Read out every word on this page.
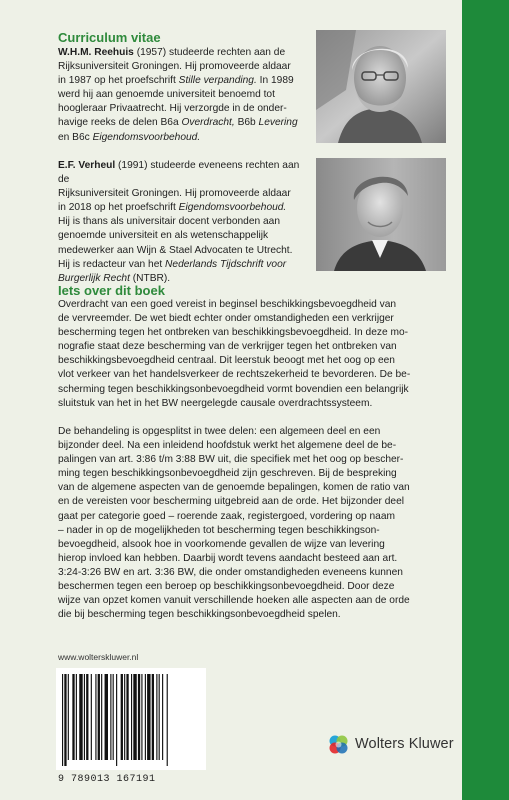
Curriculum vitae
W.H.M. Reehuis (1957) studeerde rechten aan de
Rijksuniversiteit Groningen. Hij promoveerde aldaar
in 1987 op het proefschrift Stille verpanding. In 1989
werd hij aan genoemde universiteit benoemd tot
hoogleraar Privaatrecht. Hij verzorgde in de onder-
havige reeks de delen B6a Overdracht, B6b Levering
en B6c Eigendomsvoorbehoud.
E.F. Verheul (1991) studeerde eveneens rechten aan de
Rijksuniversiteit Groningen. Hij promoveerde aldaar
in 2018 op het proefschrift Eigendomsvoorbehoud.
Hij is thans als universitair docent verbonden aan
genoemde universiteit en als wetenschappelijk
medewerker aan Wijn & Stael Advocaten te Utrecht.
Hij is redacteur van het Nederlands Tijdschrift voor
Burgerlijk Recht (NTBR).
Iets over dit boek
Overdracht van een goed vereist in beginsel beschikkingsbevoegdheid van
de vervreemder. De wet biedt echter onder omstandigheden een verkrijger
bescherming tegen het ontbreken van beschikkingsbevoegdheid. In deze mo-
nografie staat deze bescherming van de verkrijger tegen het ontbreken van
beschikkingsbevoegdheid centraal. Dit leerstuk beoogt met het oog op een
vlot verkeer van het handelsverkeer de rechtszekerheid te bevorderen. De be-
scherming tegen beschikkingsonbevoegdheid vormt bovendien een belangrijk
sluitstuk van het in het BW neergelegde causale overdrachtssysteem.
De behandeling is opgesplitst in twee delen: een algemeen deel en een
bijzonder deel. Na een inleidend hoofdstuk werkt het algemene deel de be-
palingen van art. 3:86 t/m 3:88 BW uit, die specifiek met het oog op bescher-
ming tegen beschikkingsonbevoegdheid zijn geschreven. Bij de bespreking
van de algemene aspecten van de genoemde bepalingen, komen de ratio van
en de vereisten voor bescherming uitgebreid aan de orde. Het bijzonder deel
gaat per categorie goed – roerende zaak, registergoed, vordering op naam
– nader in op de mogelijkheden tot bescherming tegen beschikkingson-
bevoegdheid, alsook hoe in voorkomende gevallen de wijze van levering
hierop invloed kan hebben. Daarbij wordt tevens aandacht besteed aan art.
3:24-3:26 BW en art. 3:36 BW, die onder omstandigheden eveneens kunnen
beschermen tegen een beroep op beschikkingsonbevoegdheid. Door deze
wijze van opzet komen vanuit verschillende hoeken alle aspecten aan de orde
die bij bescherming tegen beschikkingsonbevoegdheid spelen.
www.wolterskluwer.nl
9 789013 167191
Wolters Kluwer
